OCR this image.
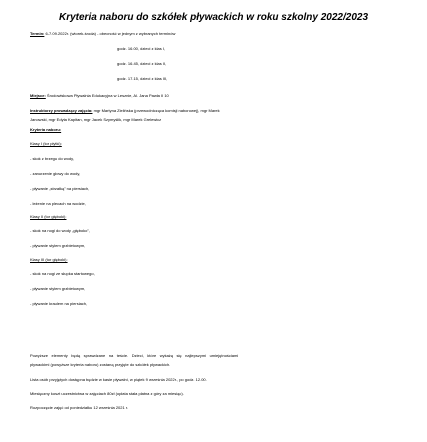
Kryteria naboru do szkółek pływackich w roku szkolny 2022/2023
Termin: 6-7.09.2022r. (wtorek-środa) - obecność w jednym z wybranych terminów
godz. 16.00, dzieci z klas I,
godz. 16.45, dzieci z klas II,
godz. 17.15, dzieci z klas III,
Miejsce: Środowiskowa Pływalnia Edukacyjna w Lesznie, Al. Jana Pawła II 10
Instruktorzy prowadzący zajęcia: mgr Martyna Zielińska (przewodnicząca komisji naborowej), mgr Marek
Janowski, mgr Edyta Kapitan, mgr Jacek Szymyślik, mgr Marek Grelewicz
Kryteria naboru:
Klasy I (tor płytki):
- skok z brzegu do wody,
- zanurzenie głowy do wody,
- pływanie „strzałką” na piersiach,
- leżenie na plecach na wodzie,
Klasy II (tor głęboki):
- skok na nogi do wody „głęboko”,
- pływanie stylem grzbietowym,
Klasy III (tor głęboki):
- skok na nogi ze słupka startowego,
- pływanie stylem grzbietowym,
- pływanie kraulem na piersiach,
Powyższe elementy będą sprawdzane na teście. Dzieci, które wykażą się najlepszymi umiejętnościami
pływackimi (powyższe kryteria naboru) zostaną przyjęte do szkółek pływackich.
Lista osób przyjętych dostępna będzie w kasie pływalni, w piątek 9 września 2022r., po godz. 12.00.
Miesięczny koszt uczestnictwa w zajęciach 80zł (opłata stała płatna z góry za miesiąc).
Rozpoczęcie zajęć od poniedziałku 12 września 2021 r.
